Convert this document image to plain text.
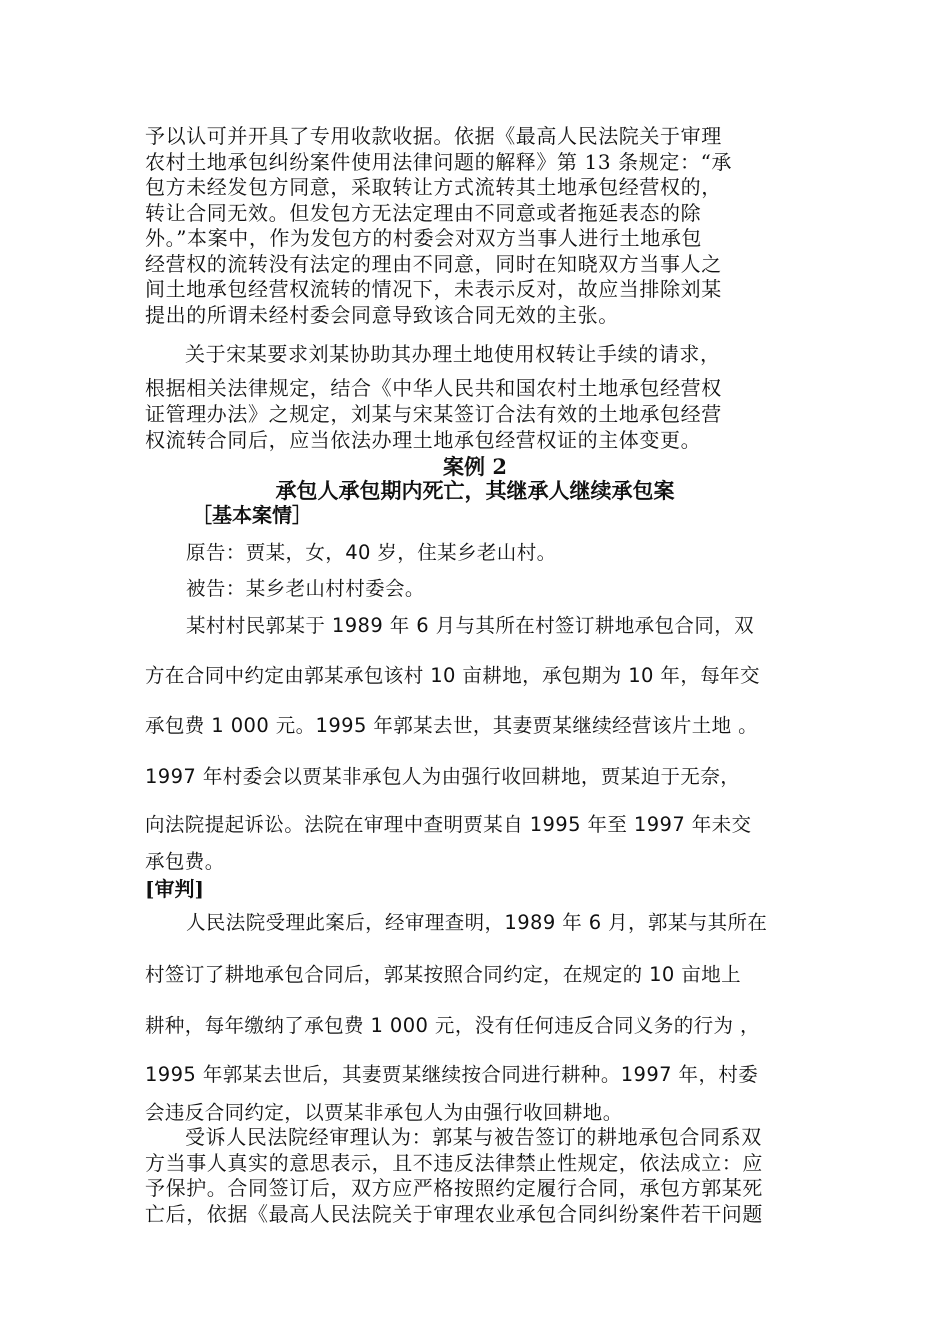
予以认可并开具了专用收款收据。依据《最高人民法院关于审理
农村土地承包纠纷案件使用法律问题的解释》第 13 条规定：“承
包方未经发包方同意，采取转让方式流转其土地承包经营权的，
转让合同无效。但发包方无法定理由不同意或者拖延表态的除
外。”本案中，作为发包方的村委会对双方当事人进行土地承包
经营权的流转没有法定的理由不同意，同时在知晓双方当事人之
间土地承包经营权流转的情况下，未表示反对，故应当排除刘某
提出的所谓未经村委会同意导致该合同无效的主张。
关于宋某要求刘某协助其办理土地使用权转让手续的请求，
根据相关法律规定，结合《中华人民共和国农村土地承包经营权
证管理办法》之规定，刘某与宋某签订合法有效的土地承包经营
权流转合同后，应当依法办理土地承包经营权证的主体变更。
案例 2
承包人承包期内死亡，其继承人继续承包案
［基本案情］
原告：贾某，女，40 岁，住某乡老山村。
被告：某乡老山村村委会。
某村村民郭某于 1989 年 6 月与其所在村签订耕地承包合同，双
方在合同中约定由郭某承包该村 10 亩耕地，承包期为 10 年，每年交
承包费 1 000 元。1995 年郭某去世，其妻贾某继续经营该片土地 。
1997 年村委会以贾某非承包人为由强行收回耕地，贾某迫于无奈，
向法院提起诉讼。法院在审理中查明贾某自 1995 年至 1997 年未交
承包费。
[审判]
人民法院受理此案后，经审理查明，1989 年 6 月，郭某与其所在
村签订了耕地承包合同后，郭某按照合同约定，在规定的 10 亩地上
耕种，每年缴纳了承包费 1 000 元，没有任何违反合同义务的行为 ，
1995 年郭某去世后，其妻贾某继续按合同进行耕种。1997 年，村委
会违反合同约定，以贾某非承包人为由强行收回耕地。
受诉人民法院经审理认为：郭某与被告签订的耕地承包合同系双
方当事人真实的意思表示，且不违反法律禁止性规定，依法成立：应
予保护。合同签订后，双方应严格按照约定履行合同，承包方郭某死
亡后，依据《最高人民法院关于审理农业承包合同纠纷案件若干问题
